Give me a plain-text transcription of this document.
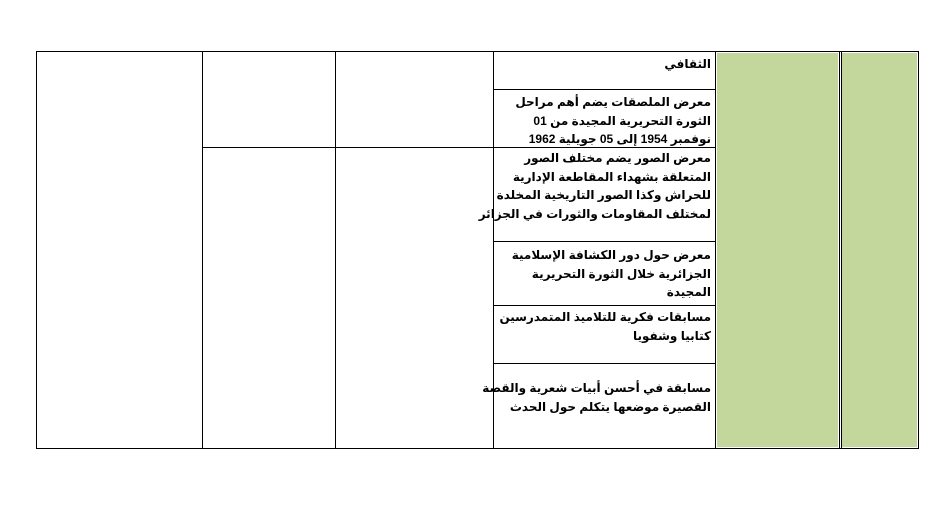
الثقافي
معرض الملصقات يضم أهم مراحل
الثورة التحريرية المجيدة من 01
نوفمبر 1954 إلى 05 جويلية 1962
معرض الصور يضم مختلف الصور
المتعلقة بشهداء المقاطعة الإدارية
للحراش وكذا الصور التاريخية المخلدة
لمختلف المقاومات والثورات في الجزائر
معرض حول دور الكشافة الإسلامية
الجزائرية خلال الثورة التحريرية
المجيدة
مسابقات فكرية للتلاميذ المتمدرسين
كتابيا وشفويا
مسابقة في أحسن أبيات شعرية والقصة
القصيرة موضعها يتكلم حول الحدث
